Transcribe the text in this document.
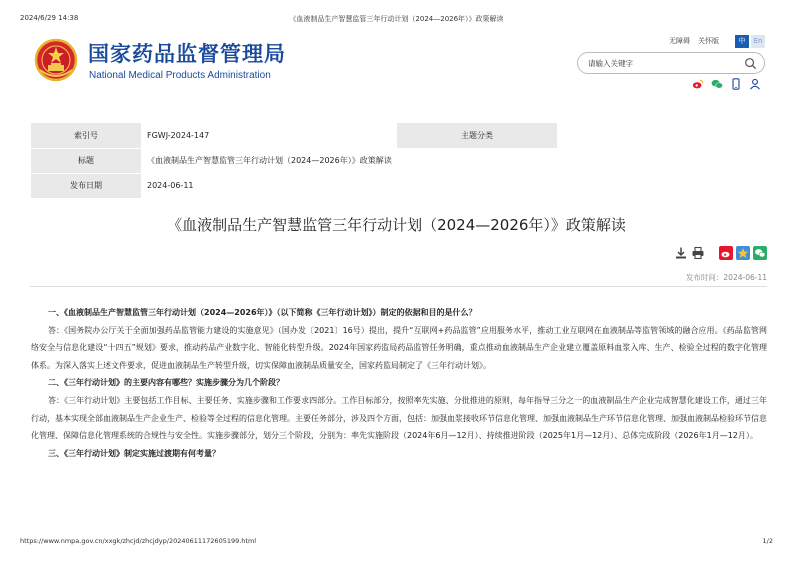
2024/6/29 14:38	《血液制品生产智慧监管三年行动计划（2024—2026年）》政策解读
国家药品监督管理局
National Medical Products Administration
无障碍 关怀版	中	En
请输入关键字
索引号	FGWJ-2024-147	主题分类	
标题	《血液制品生产智慧监管三年行动计划（2024—2026年）》政策解读		
发布日期	2024-06-11		
《血液制品生产智慧监管三年行动计划（2024—2026年）》政策解读
发布时间：2024-06-11

一、《血液制品生产智慧监管三年行动计划（2024—2026年）》（以下简称《三年行动计划》）制定的依据和目的是什么？

答：《国务院办公厅关于全面加强药品监管能力建设的实施意见》（国办发〔2021〕16号）提出，提升“互联网+药品监管”应用服务水平，推动工业互联网在血液制品等监管领域的融合应用。《药品监管网络安全与信息化建设“十四五”规划》要求，推动药品产业数字化、智能化转型升级。2024年国家药监局药品监管任务明确，重点推动血液制品生产企业建立覆盖原料血浆入库、生产、检验全过程的数字化管理体系。为深入落实上述文件要求，促进血液制品生产转型升级，切实保障血液制品质量安全，国家药监局制定了《三年行动计划》。

二、《三年行动计划》的主要内容有哪些？实施步骤分为几个阶段？

答：《三年行动计划》主要包括工作目标、主要任务、实施步骤和工作要求四部分。工作目标部分，按照率先实施、分批推进的原则，每年指导三分之一的血液制品生产企业完成智慧化建设工作，通过三年行动，基本实现全部血液制品生产企业生产、检验等全过程的信息化管理。主要任务部分，涉及四个方面，包括：加强血浆接收环节信息化管理、加强血液制品生产环节信息化管理、加强血液制品检验环节信息化管理、保障信息化管理系统的合规性与安全性。实施步骤部分，划分三个阶段，分别为：率先实施阶段（2024年6月—12月）、持续推进阶段（2025年1月—12月）、总体完成阶段（2026年1月—12月）。

三、《三年行动计划》制定实施过渡期有何考量？

https://www.nmpa.gov.cn/xxgk/zhcjd/zhcjdyp/20240611172605199.html	1/2
